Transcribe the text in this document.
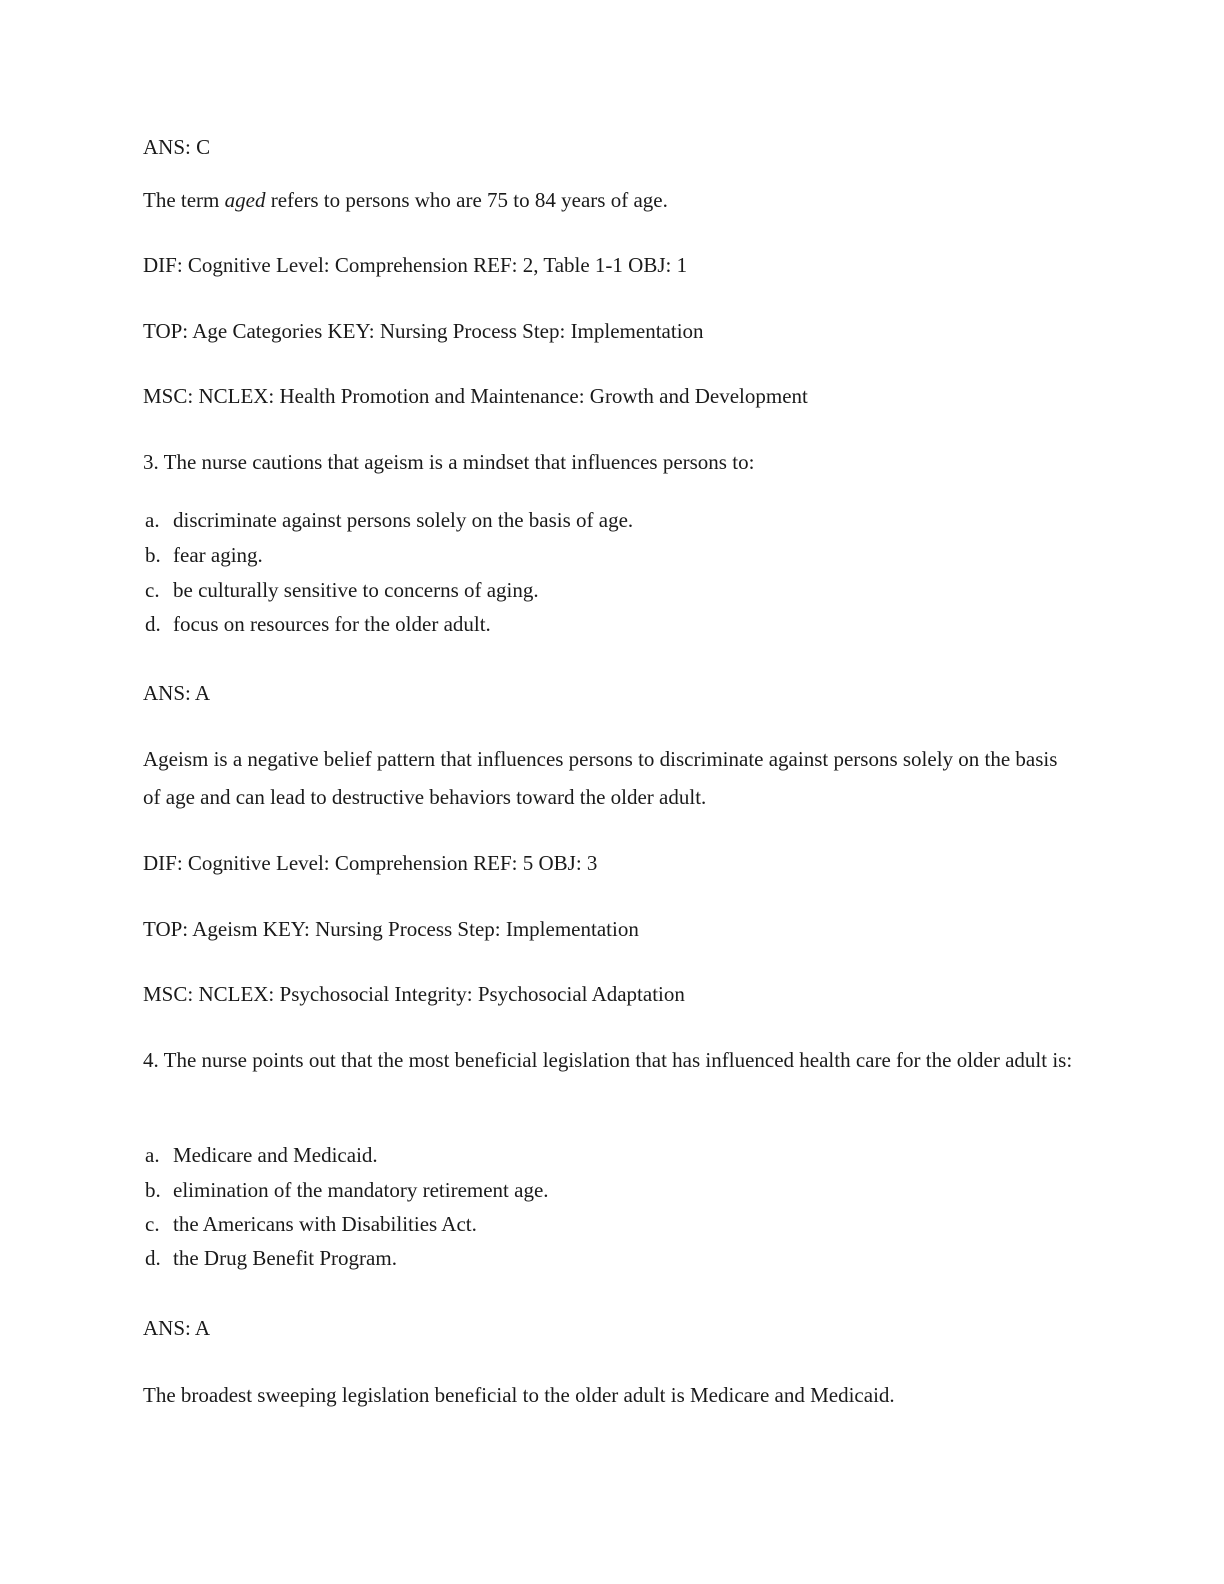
ANS: C
The term aged refers to persons who are 75 to 84 years of age.
DIF: Cognitive Level: Comprehension REF: 2, Table 1-1 OBJ: 1
TOP: Age Categories KEY: Nursing Process Step: Implementation
MSC: NCLEX: Health Promotion and Maintenance: Growth and Development
3. The nurse cautions that ageism is a mindset that influences persons to:
a. discriminate against persons solely on the basis of age.
b. fear aging.
c. be culturally sensitive to concerns of aging.
d. focus on resources for the older adult.
ANS: A
Ageism is a negative belief pattern that influences persons to discriminate against persons solely on the basis of age and can lead to destructive behaviors toward the older adult.
DIF: Cognitive Level: Comprehension REF: 5 OBJ: 3
TOP: Ageism KEY: Nursing Process Step: Implementation
MSC: NCLEX: Psychosocial Integrity: Psychosocial Adaptation
4. The nurse points out that the most beneficial legislation that has influenced health care for the older adult is:
a. Medicare and Medicaid.
b. elimination of the mandatory retirement age.
c. the Americans with Disabilities Act.
d. the Drug Benefit Program.
ANS: A
The broadest sweeping legislation beneficial to the older adult is Medicare and Medicaid.
